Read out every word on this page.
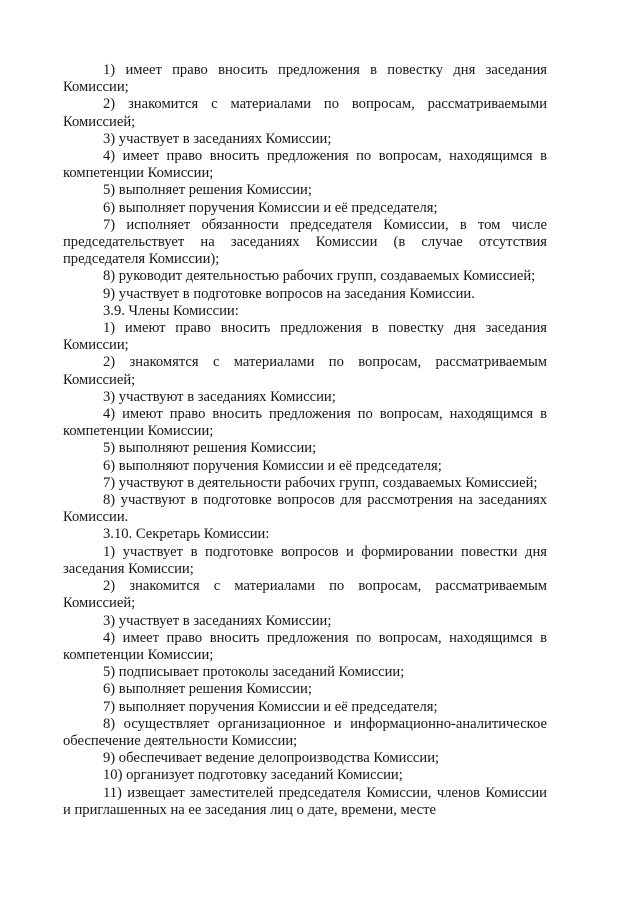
1) имеет право вносить предложения в повестку дня заседания Комиссии;

2) знакомится с материалами по вопросам, рассматриваемыми Комиссией;

3) участвует в заседаниях Комиссии;

4) имеет право вносить предложения по вопросам, находящимся в компетенции Комиссии;

5) выполняет решения Комиссии;

6) выполняет поручения Комиссии и её председателя;

7) исполняет обязанности председателя Комиссии, в том числе председательствует на заседаниях Комиссии (в случае отсутствия председателя Комиссии);

8) руководит деятельностью рабочих групп, создаваемых Комиссией;

9) участвует в подготовке вопросов на заседания Комиссии.

3.9. Члены Комиссии:

1) имеют право вносить предложения в повестку дня заседания Комиссии;

2) знакомятся с материалами по вопросам, рассматриваемым Комиссией;

3) участвуют в заседаниях Комиссии;

4) имеют право вносить предложения по вопросам, находящимся в компетенции Комиссии;

5) выполняют решения Комиссии;

6) выполняют поручения Комиссии и её председателя;

7) участвуют в деятельности рабочих групп, создаваемых Комиссией;

8) участвуют в подготовке вопросов для рассмотрения на заседаниях Комиссии.

3.10. Секретарь Комиссии:

1) участвует в подготовке вопросов и формировании повестки дня заседания Комиссии;

2) знакомится с материалами по вопросам, рассматриваемым Комиссией;

3) участвует в заседаниях Комиссии;

4) имеет право вносить предложения по вопросам, находящимся в компетенции Комиссии;

5) подписывает протоколы заседаний Комиссии;

6) выполняет решения Комиссии;

7) выполняет поручения Комиссии и её председателя;

8) осуществляет организационное и информационно-аналитическое обеспечение деятельности Комиссии;

9) обеспечивает ведение делопроизводства Комиссии;

10) организует подготовку заседаний Комиссии;

11) извещает заместителей председателя Комиссии, членов Комиссии и приглашенных на ее заседания лиц о дате, времени, месте
